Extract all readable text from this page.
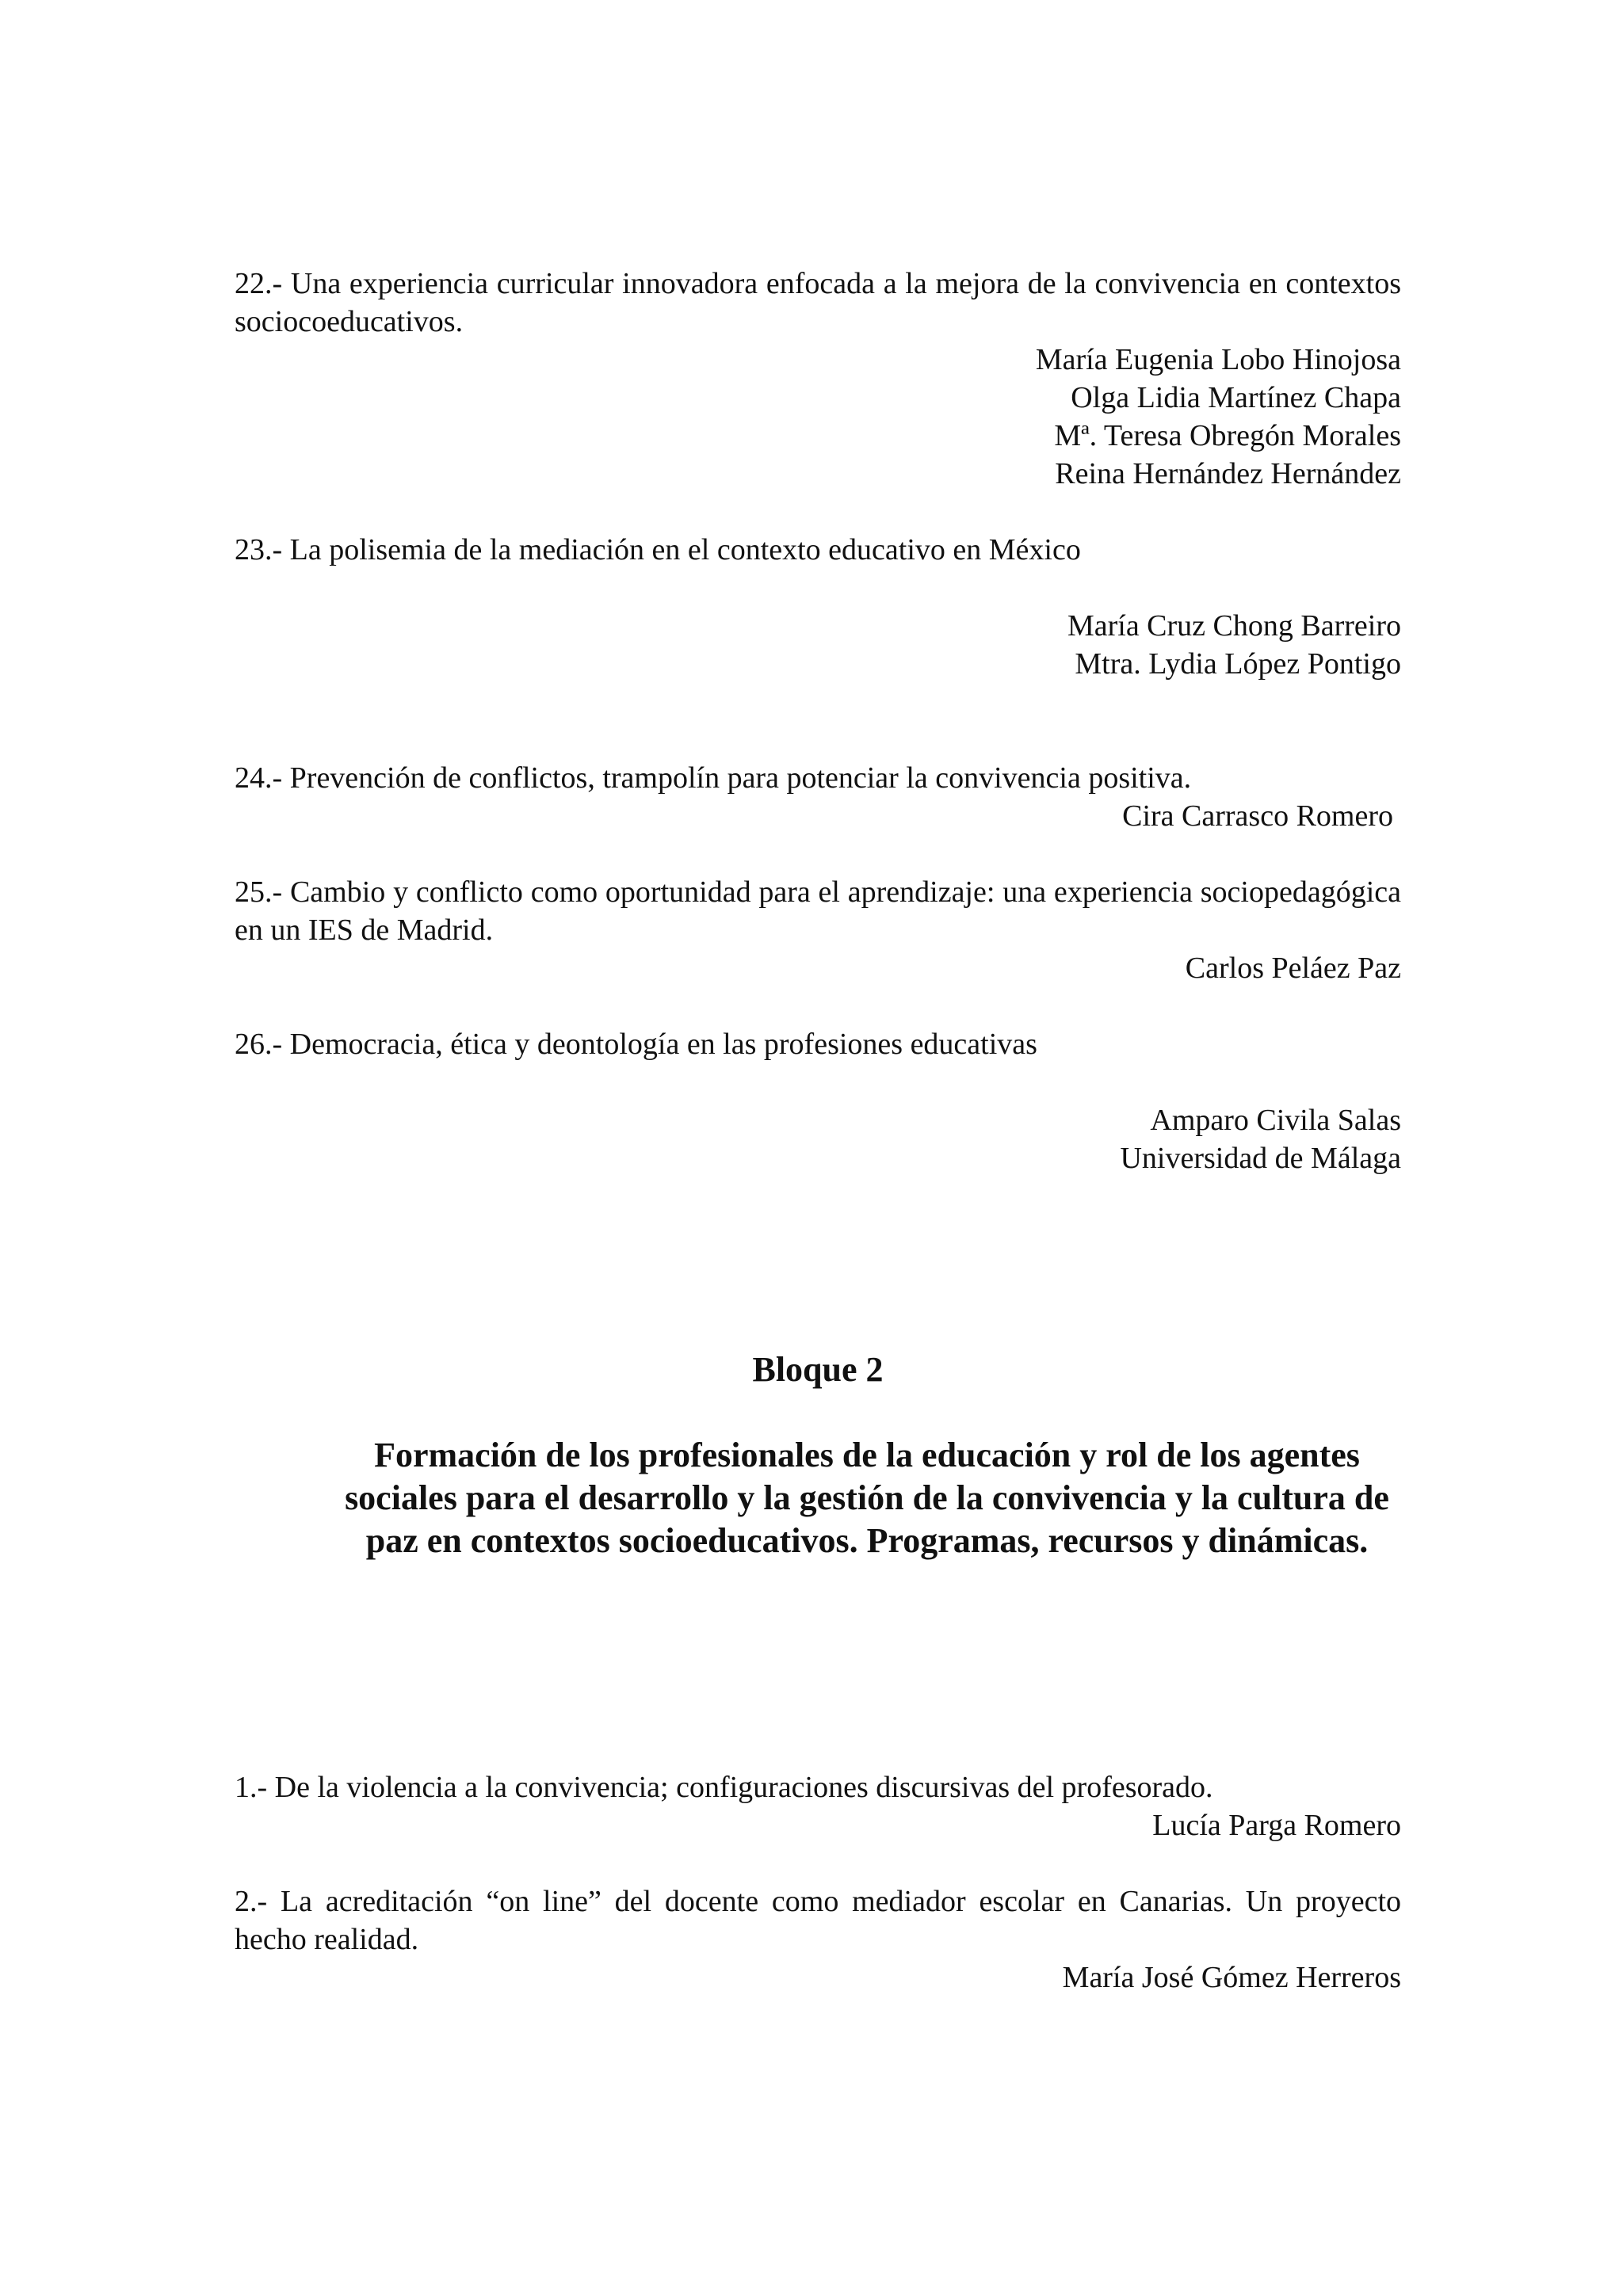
22.- Una experiencia curricular innovadora enfocada a la mejora de la convivencia en contextos sociocoeducativos.

María Eugenia Lobo Hinojosa
Olga Lidia Martínez Chapa
Mª. Teresa Obregón Morales
Reina Hernández Hernández

23.- La polisemia de la mediación en el contexto educativo en México

María Cruz Chong Barreiro
Mtra. Lydia López Pontigo

24.- Prevención de conflictos, trampolín para potenciar la convivencia positiva.

Cira Carrasco Romero

25.- Cambio y conflicto como oportunidad para el aprendizaje: una experiencia sociopedagógica en un IES de Madrid.

Carlos Peláez Paz

26.- Democracia, ética y deontología en las profesiones educativas

Amparo Civila Salas
Universidad de Málaga

Bloque 2
Formación de los profesionales de la educación y rol de los agentes sociales para el desarrollo y la gestión de la convivencia y la cultura de paz en contextos socioeducativos. Programas, recursos y dinámicas.

1.- De la violencia a la convivencia; configuraciones discursivas del profesorado.

Lucía Parga Romero

2.- La acreditación “on line” del docente como mediador escolar en Canarias. Un proyecto hecho realidad.

María José Gómez Herreros
